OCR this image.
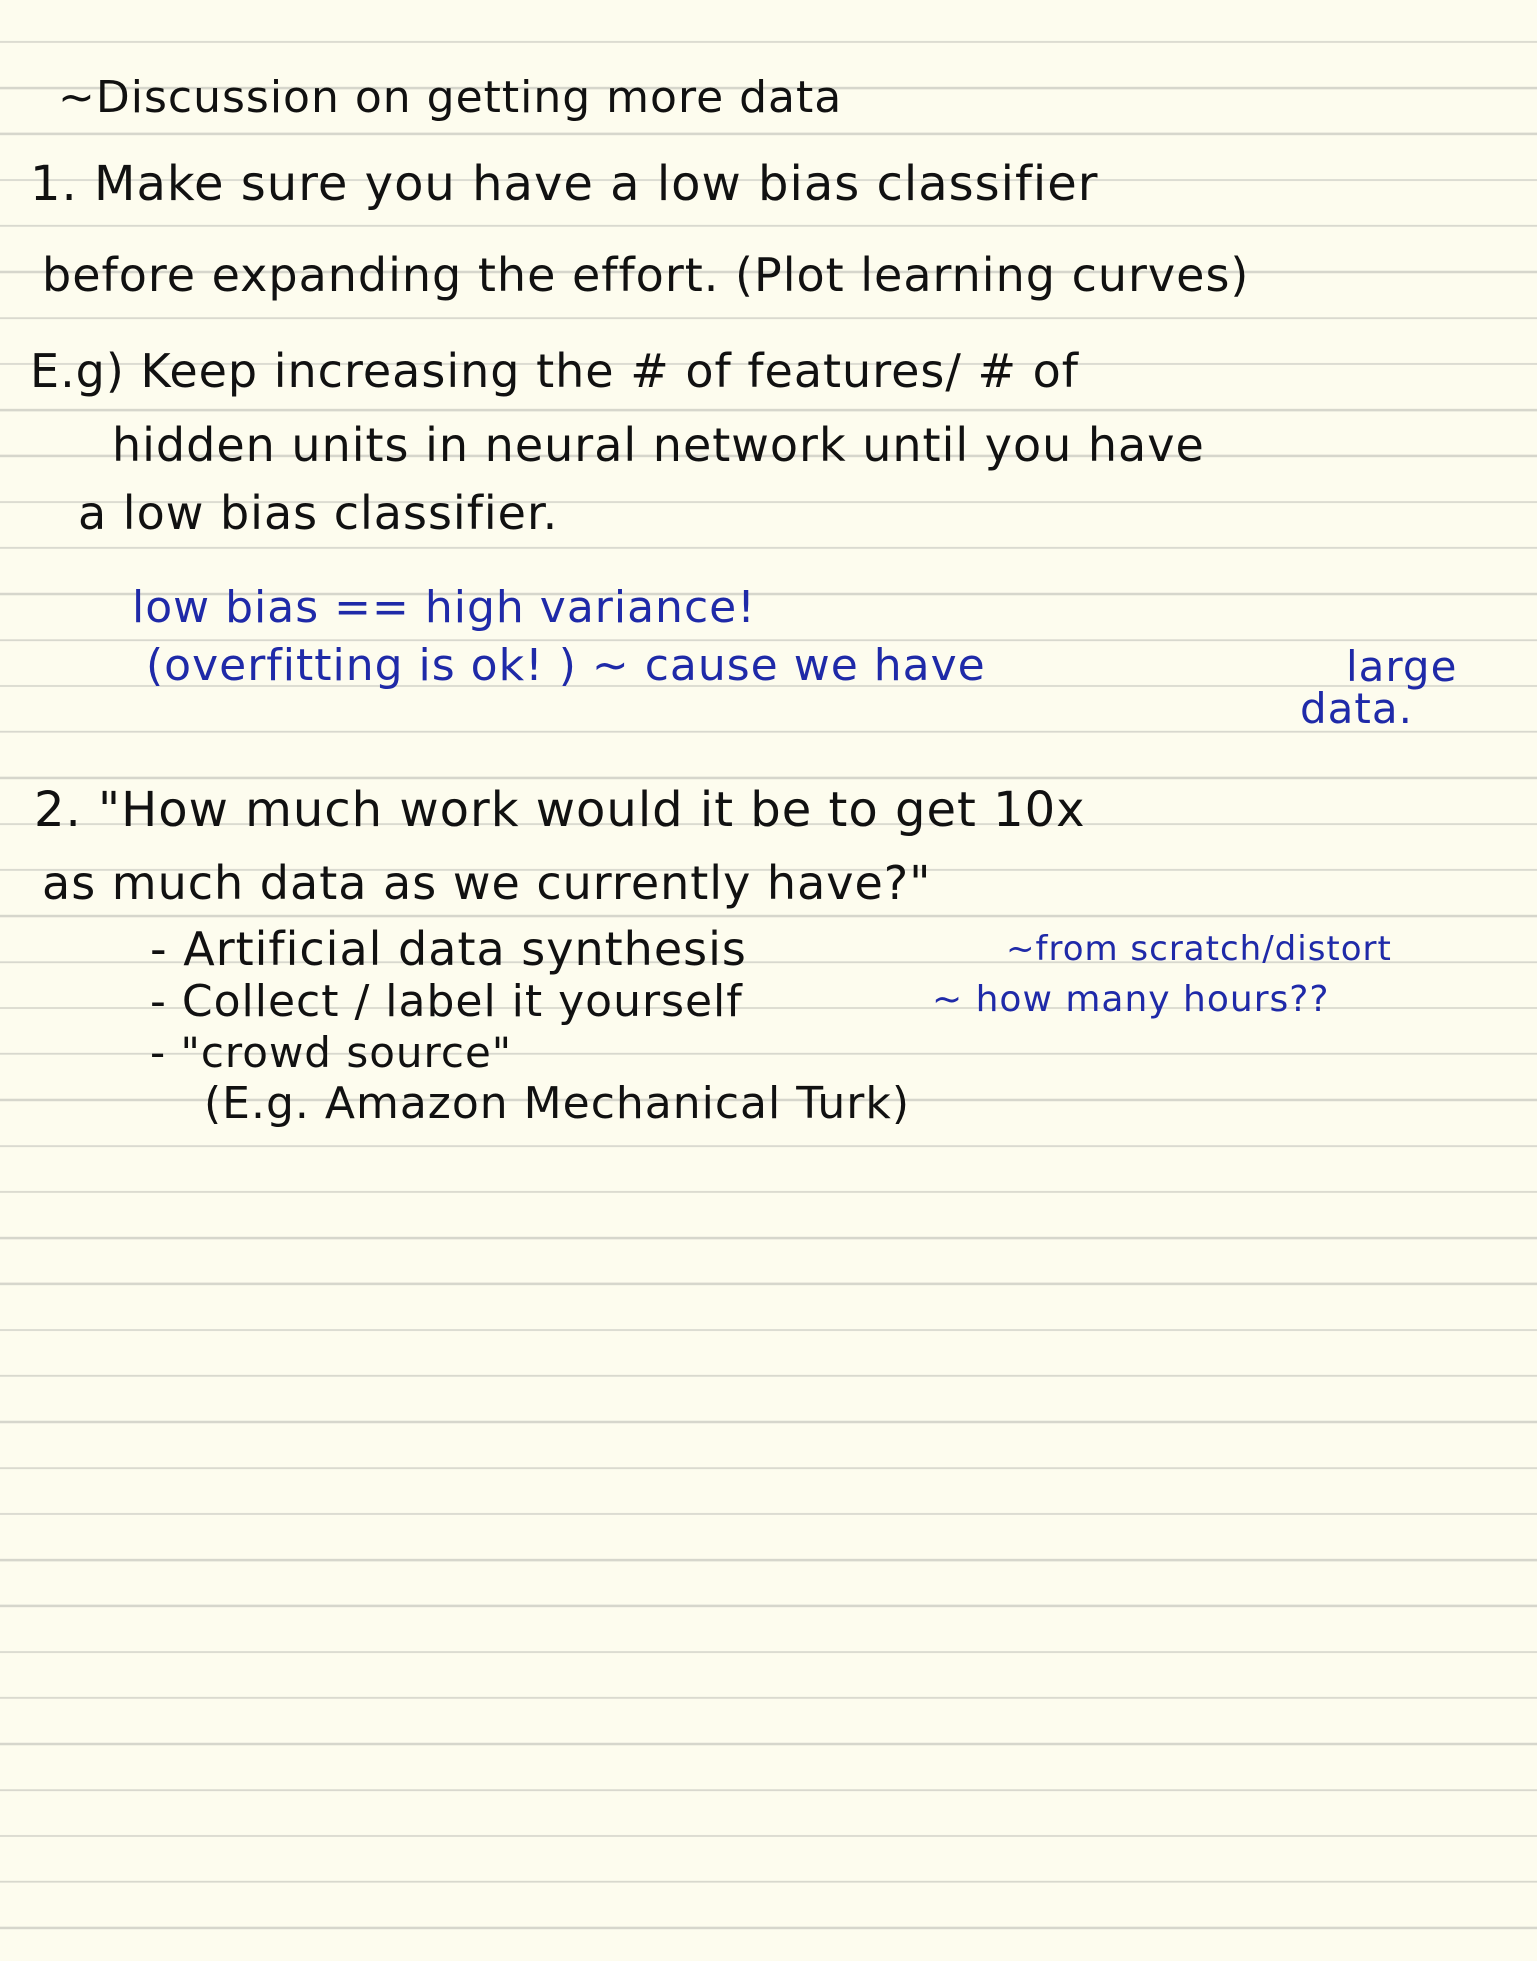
~Discussion on getting more data
1. Make sure you have a low bias classifier
before expanding the effort. (Plot learning curves)
E.g) Keep increasing the # of features/ # of
hidden units in neural network until you have
a low bias classifier.
low bias == high variance!
(overfitting is ok! ) ~ cause we have	large
data.
2. "How much work would it be to get 10x
as much data as we currently have?"
- Artificial data synthesis	~from scratch/distort
- Collect / label it yourself	~ how many hours??
- "crowd source"
(E.g. Amazon Mechanical Turk)
